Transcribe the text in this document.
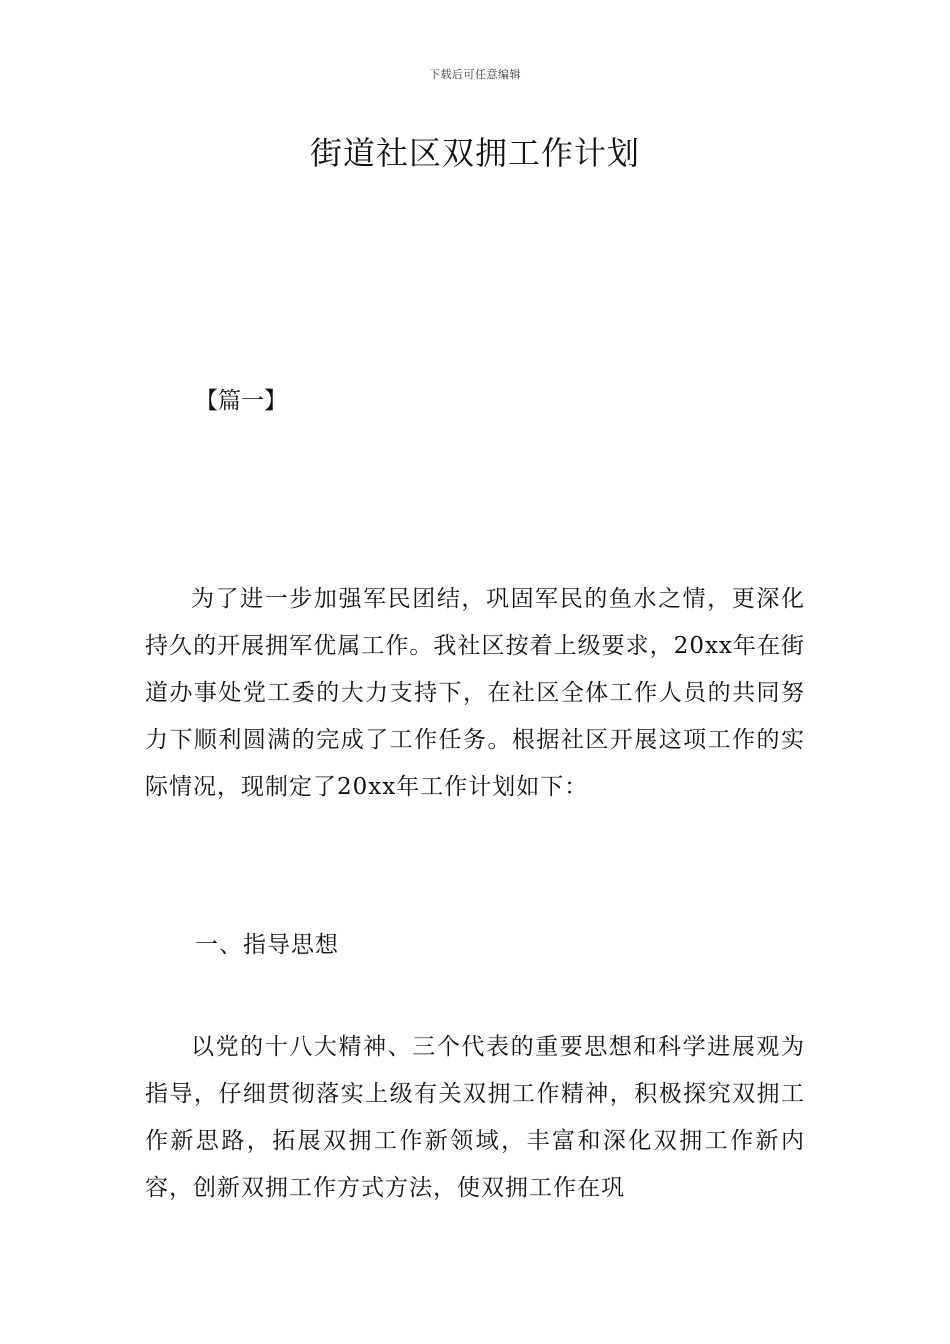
下载后可任意编辑
街道社区双拥工作计划
【篇一】

为了进一步加强军民团结，巩固军民的鱼水之情，更深化持久的开展拥军优属工作。我社区按着上级要求，20xx年在街道办事处党工委的大力支持下，在社区全体工作人员的共同努力下顺利圆满的完成了工作任务。根据社区开展这项工作的实际情况，现制定了20xx年工作计划如下：

一、指导思想

以党的十八大精神、三个代表的重要思想和科学进展观为指导，仔细贯彻落实上级有关双拥工作精神，积极探究双拥工作新思路，拓展双拥工作新领域，丰富和深化双拥工作新内容，创新双拥工作方式方法，使双拥工作在巩
